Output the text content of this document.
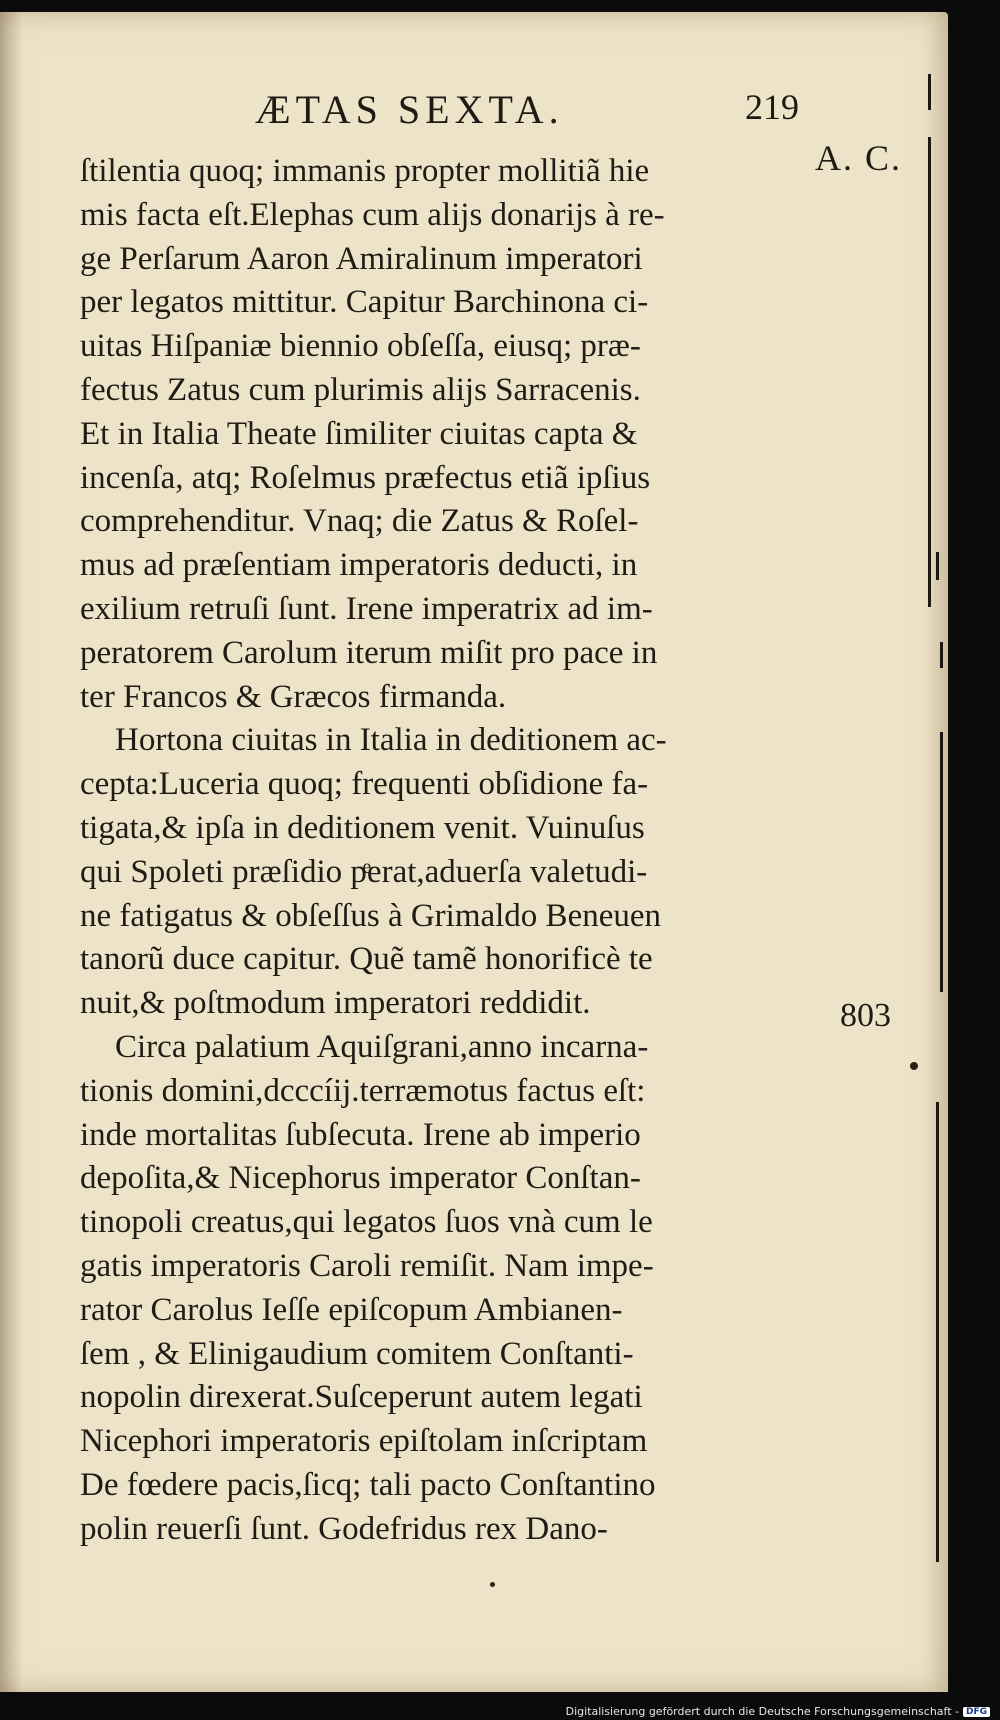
ÆTAS SEXTA.	219
A. C.
803
ſtilentia quoq; immanis propter mollitiã hie
mis facta eſt.Elephas cum alijs donarijs à re-
ge Perſarum Aaron Amiralinum imperatori
per legatos mittitur. Capitur Barchinona ci-
uitas Hiſpaniæ biennio obſeſſa, eiusq; præ-
fectus Zatus cum plurimis alijs Sarracenis.
Et in Italia Theate ſimiliter ciuitas capta &
incenſa, atq; Roſelmus præfectus etiã ipſius
comprehenditur. Vnaq; die Zatus & Roſel-
mus ad præſentiam imperatoris deducti, in
exilium retruſi ſunt. Irene imperatrix ad im-
peratorem Carolum iterum miſit pro pace in
ter Francos & Græcos firmanda.
Hortona ciuitas in Italia in deditionem ac-
cepta:Luceria quoq; frequenti obſidione fa-
tigata,& ipſa in deditionem venit. Vuinuſus
qui Spoleti præſidio pͤerat,aduerſa valetudi-
ne fatigatus & obſeſſus à Grimaldo Beneuen
tanorũ duce capitur. Quẽ tamẽ honorificè te
nuit,& poſtmodum imperatori reddidit.
Circa palatium Aquiſgrani,anno incarna-
tionis domini,dcccíij.terræmotus factus eſt:
inde mortalitas ſubſecuta. Irene ab imperio
depoſita,& Nicephorus imperator Conſtan-
tinopoli creatus,qui legatos ſuos vnà cum le
gatis imperatoris Caroli remiſit. Nam impe-
rator Carolus Ieſſe epiſcopum Ambianen-
ſem , & Elinigaudium comitem Conſtanti-
nopolin direxerat.Suſceperunt autem legati
Nicephori imperatoris epiſtolam inſcriptam
De fœdere pacis,ſicq; tali pacto Conſtantino
polin reuerſi ſunt. Godefridus rex Dano-
Digitalisierung gefördert durch die Deutsche Forschungsgemeinschaft - DFG
